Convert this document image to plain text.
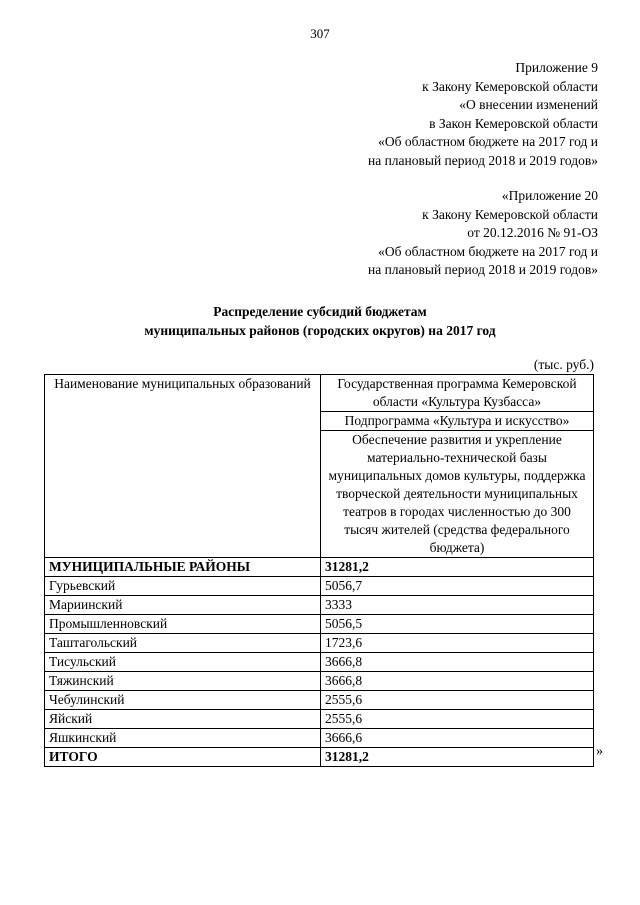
307
Приложение 9
к Закону Кемеровской области
«О внесении изменений
в Закон Кемеровской области
«Об областном бюджете на 2017 год и
на плановый период 2018 и 2019 годов»
«Приложение 20
к Закону Кемеровской области
от 20.12.2016 № 91-ОЗ
«Об областном бюджете на 2017 год и
на плановый период 2018 и 2019 годов»
Распределение субсидий бюджетам
муниципальных районов (городских округов) на 2017 год
(тыс. руб.)
Наименование муниципальных образований	Государственная программа Кемеровской области «Культура Кузбасса»
	Подпрограмма «Культура и искусство»
	Обеспечение развития и укрепление материально-технической базы муниципальных домов культуры, поддержка творческой деятельности муниципальных театров в городах численностью до 300 тысяч жителей (средства федерального бюджета)
МУНИЦИПАЛЬНЫЕ РАЙОНЫ	31281,2
Гурьевский	5056,7
Мариинский	3333
Промышленновский	5056,5
Таштагольский	1723,6
Тисульский	3666,8
Тяжинский	3666,8
Чебулинский	2555,6
Яйский	2555,6
Яшкинский	3666,6
ИТОГО	31281,2	»
